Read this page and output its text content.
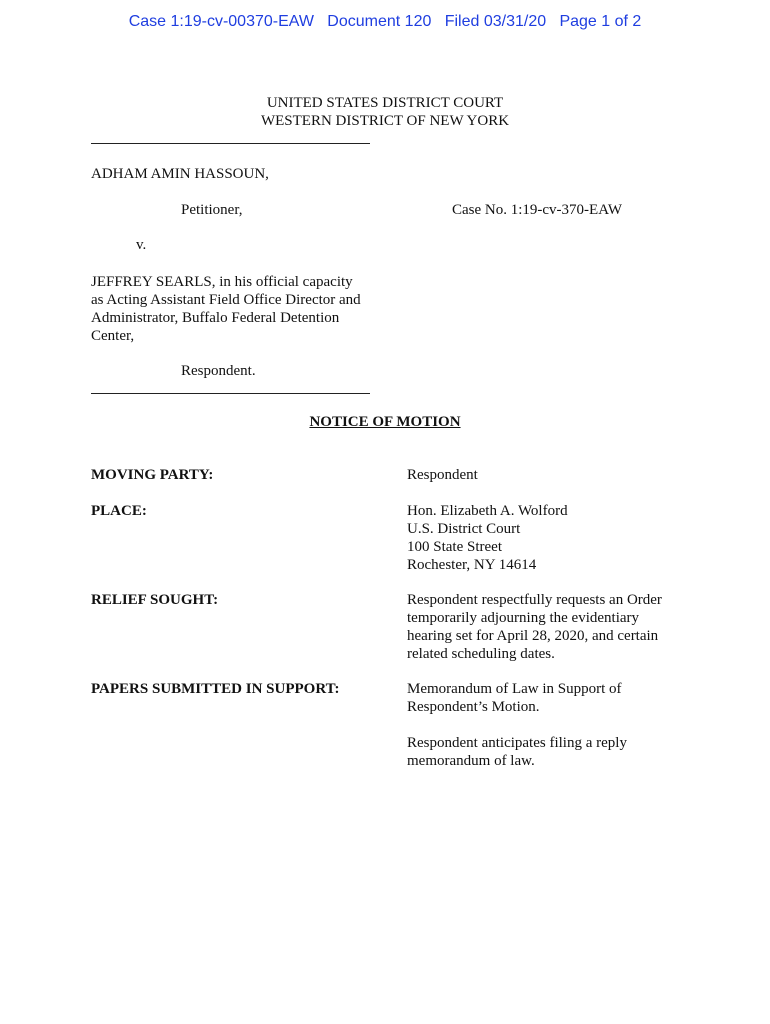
Case 1:19-cv-00370-EAW Document 120 Filed 03/31/20 Page 1 of 2
UNITED STATES DISTRICT COURT
WESTERN DISTRICT OF NEW YORK
ADHAM AMIN HASSOUN,
Petitioner,	Case No. 1:19-cv-370-EAW
v.
JEFFREY SEARLS, in his official capacity
as Acting Assistant Field Office Director and
Administrator, Buffalo Federal Detention
Center,
Respondent.
NOTICE OF MOTION
MOVING PARTY:	Respondent
PLACE:	Hon. Elizabeth A. Wolford
U.S. District Court
100 State Street
Rochester, NY 14614
RELIEF SOUGHT:	Respondent respectfully requests an Order
temporarily adjourning the evidentiary
hearing set for April 28, 2020, and certain
related scheduling dates.
PAPERS SUBMITTED IN SUPPORT:	Memorandum of Law in Support of
Respondent’s Motion.
Respondent anticipates filing a reply
memorandum of law.
